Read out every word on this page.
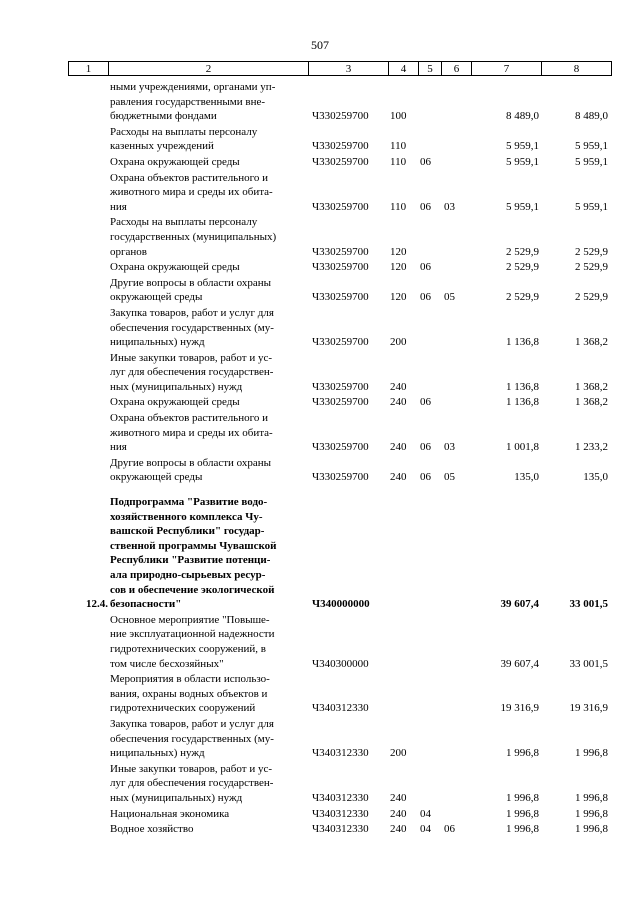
507
1	2	3	4	5	6	7	8
ными учреждениями, органами уп-
равления государственными вне-
бюджетными фондами	Ч330259700 100	8 489,0	8 489,0
Расходы на выплаты персоналу
казенных учреждений	Ч330259700 110	5 959,1	5 959,1
Охрана окружающей среды	Ч330259700 110 06	5 959,1	5 959,1
Охрана объектов растительного и
животного мира и среды их обита-
ния	Ч330259700 110 06 03	5 959,1	5 959,1
Расходы на выплаты персоналу
государственных (муниципальных)
органов	Ч330259700 120	2 529,9	2 529,9
Охрана окружающей среды	Ч330259700 120 06	2 529,9	2 529,9
Другие вопросы в области охраны
окружающей среды	Ч330259700 120 06 05	2 529,9	2 529,9
Закупка товаров, работ и услуг для
обеспечения государственных (му-
ниципальных) нужд	Ч330259700 200	1 136,8	1 368,2
Иные закупки товаров, работ и ус-
луг для обеспечения государствен-
ных (муниципальных) нужд	Ч330259700 240	1 136,8	1 368,2
Охрана окружающей среды	Ч330259700 240 06	1 136,8	1 368,2
Охрана объектов растительного и
животного мира и среды их обита-
ния	Ч330259700 240 06 03	1 001,8	1 233,2
Другие вопросы в области охраны
окружающей среды	Ч330259700 240 06 05	135,0	135,0
12.4.
Подпрограмма "Развитие водо-
хозяйственного комплекса Чу-
вашской Республики" государ-
ственной программы Чувашской
Республики "Развитие потенци-
ала природно-сырьевых ресур-
сов и обеспечение экологической
безопасности"	Ч340000000	39 607,4	33 001,5
Основное мероприятие "Повыше-
ние эксплуатационной надежности
гидротехнических сооружений, в
том числе бесхозяйных"	Ч340300000	39 607,4	33 001,5
Мероприятия в области использо-
вания, охраны водных объектов и
гидротехнических сооружений	Ч340312330	19 316,9	19 316,9
Закупка товаров, работ и услуг для
обеспечения государственных (му-
ниципальных) нужд	Ч340312330 200	1 996,8	1 996,8
Иные закупки товаров, работ и ус-
луг для обеспечения государствен-
ных (муниципальных) нужд	Ч340312330 240	1 996,8	1 996,8
Национальная экономика	Ч340312330 240 04	1 996,8	1 996,8
Водное хозяйство	Ч340312330 240 04 06	1 996,8	1 996,8
